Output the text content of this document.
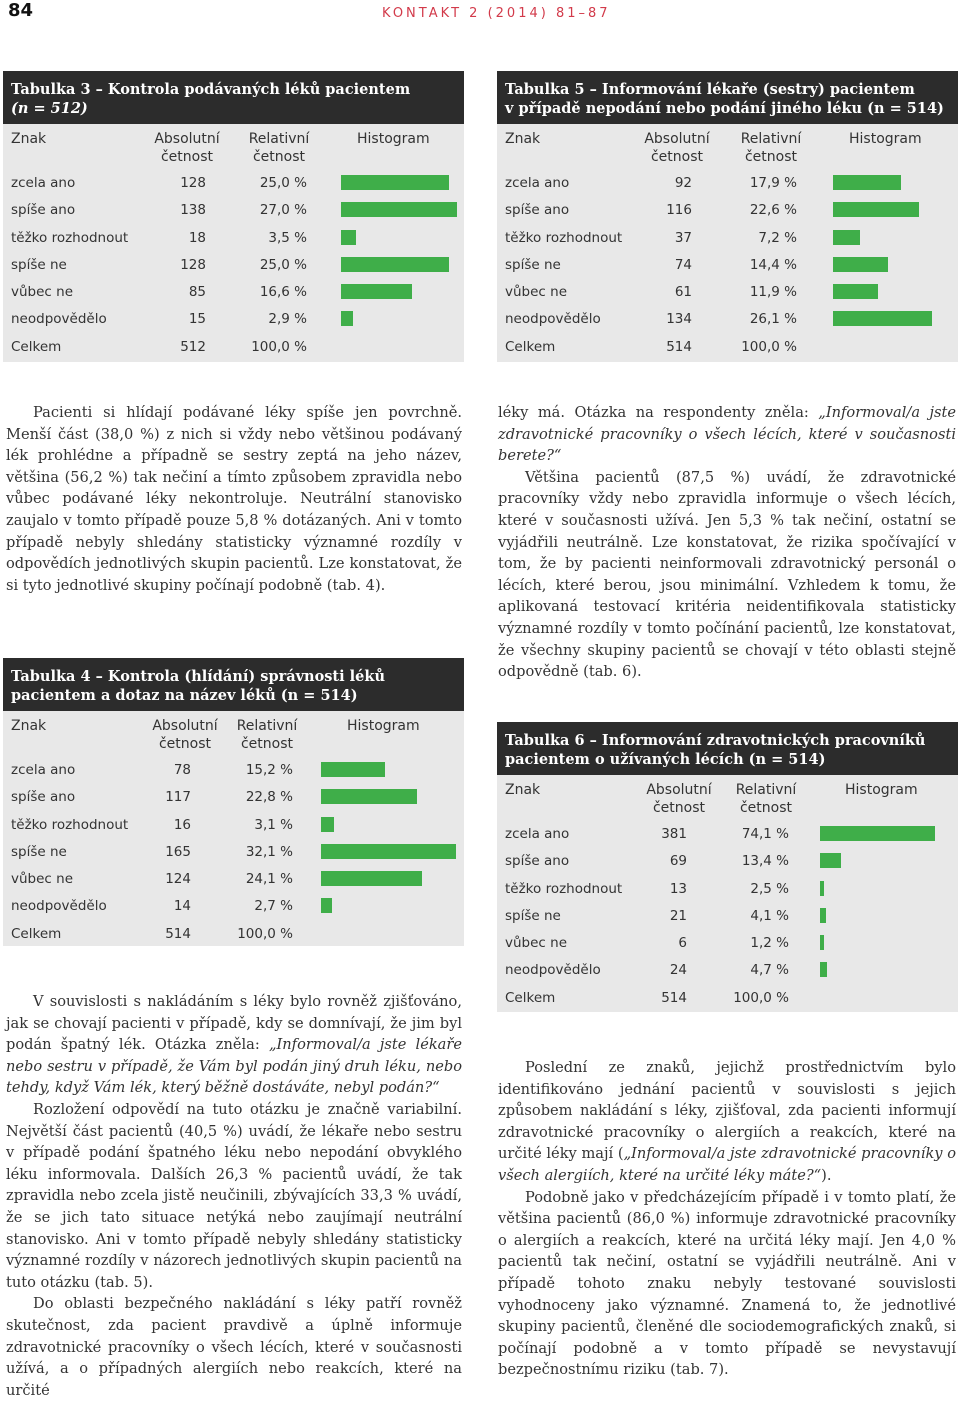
84	KONTAKT 2 (2014) 81–87
Tabulka 3 – Kontrola podávaných léků pacientem
(n = 512)
Znak	Absolutní
četnost
Relativní
četnost
Histogram
zcela ano	128	25,0 %
spíše ano	138	27,0 %
těžko rozhodnout	18	3,5 %
spíše ne	128	25,0 %
vůbec ne	85	16,6 %
neodpovědělo	15	2,9 %
Celkem	512	100,0 %
Tabulka 4 – Kontrola (hlídání) správnosti léků
pacientem a dotaz na název léků (n = 514)
Znak	Absolutní
četnost
Relativní
četnost
Histogram
zcela ano	78	15,2 %
spíše ano	117	22,8 %
těžko rozhodnout	16	3,1 %
spíše ne	165	32,1 %
vůbec ne	124	24,1 %
neodpovědělo	14	2,7 %
Celkem	514	100,0 %
Tabulka 5 – Informování lékaře (sestry) pacientem
v případě nepodání nebo podání jiného léku (n = 514)
Znak	Absolutní
četnost
Relativní
četnost
Histogram
zcela ano	92	17,9 %
spíše ano	116	22,6 %
těžko rozhodnout	37	7,2 %
spíše ne	74	14,4 %
vůbec ne	61	11,9 %
neodpovědělo	134	26,1 %
Celkem	514	100,0 %
Tabulka 6 – Informování zdravotnických pracovníků
pacientem o užívaných lécích (n = 514)
Znak	Absolutní
četnost
Relativní
četnost
Histogram
zcela ano	381	74,1 %
spíše ano	69	13,4 %
těžko rozhodnout	13	2,5 %
spíše ne	21	4,1 %
vůbec ne	6	1,2 %
neodpovědělo	24	4,7 %
Celkem	514	100,0 %

Pacienti si hlídají podávané léky spíše jen povrchně. Menší část (38,0 %) z nich si vždy nebo většinou podávaný lék prohlédne a případně se sestry zeptá na jeho název, většina (56,2 %) tak nečiní a tímto způsobem zpravidla nebo vůbec podávané léky nekontroluje. Neutrální stanovisko zaujalo v tomto případě pouze 5,8 % dotázaných. Ani v tomto případě nebyly shledány statisticky významné rozdíly v odpovědích jednotlivých skupin pacientů. Lze konstatovat, že si tyto jednotlivé skupiny počínají podobně (tab. 4).

V souvislosti s nakládáním s léky bylo rovněž zjišťováno, jak se chovají pacienti v případě, kdy se domnívají, že jim byl podán špatný lék. Otázka zněla: „Informoval/a jste lékaře nebo sestru v případě, že Vám byl podán jiný druh léku, nebo tehdy, když Vám lék, který běžně dostáváte, nebyl podán?“

Rozložení odpovědí na tuto otázku je značně variabilní. Největší část pacientů (40,5 %) uvádí, že lékaře nebo sestru v případě podání špatného léku nebo nepodání obvyklého léku informovala. Dalších 26,3 % pacientů uvádí, že tak zpravidla nebo zcela jistě neučinili, zbývajících 33,3 % uvádí, že se jich tato situace netýká nebo zaujímají neutrální stanovisko. Ani v tomto případě nebyly shledány statisticky významné rozdíly v názorech jednotlivých skupin pacientů na tuto otázku (tab. 5).

Do oblasti bezpečného nakládání s léky patří rovněž skutečnost, zda pacient pravdivě a úplně informuje zdravotnické pracovníky o všech lécích, které v současnosti užívá, a o případných alergiích nebo reakcích, které na určité

léky má. Otázka na respondenty zněla: „Informoval/a jste zdravotnické pracovníky o všech lécích, které v současnosti berete?“

Většina pacientů (87,5 %) uvádí, že zdravotnické pracovníky vždy nebo zpravidla informuje o všech lécích, které v současnosti užívá. Jen 5,3 % tak nečiní, ostatní se vyjádřili neutrálně. Lze konstatovat, že rizika spočívající v tom, že by pacienti neinformovali zdravotnický personál o lécích, které berou, jsou minimální. Vzhledem k tomu, že aplikovaná testovací kritéria neidentifikovala statisticky významné rozdíly v tomto počínání pacientů, lze konstatovat, že všechny skupiny pacientů se chovají v této oblasti stejně odpovědně (tab. 6).

Poslední ze znaků, jejichž prostřednictvím bylo identifikováno jednání pacientů v souvislosti s jejich způsobem nakládání s léky, zjišťoval, zda pacienti informují zdravotnické pracovníky o alergiích a reakcích, které na určité léky mají („Informoval/a jste zdravotnické pracovníky o všech alergiích, které na určité léky máte?“).

Podobně jako v předcházejícím případě i v tomto platí, že většina pacientů (86,0 %) informuje zdravotnické pracovníky o alergiích a reakcích, které na určitá léky mají. Jen 4,0 % pacientů tak nečiní, ostatní se vyjádřili neutrálně. Ani v případě tohoto znaku nebyly testované souvislosti vyhodnoceny jako významné. Znamená to, že jednotlivé skupiny pacientů, členěné dle sociodemografických znaků, si počínají podobně a v tomto případě se nevystavují bezpečnostnímu riziku (tab. 7).
